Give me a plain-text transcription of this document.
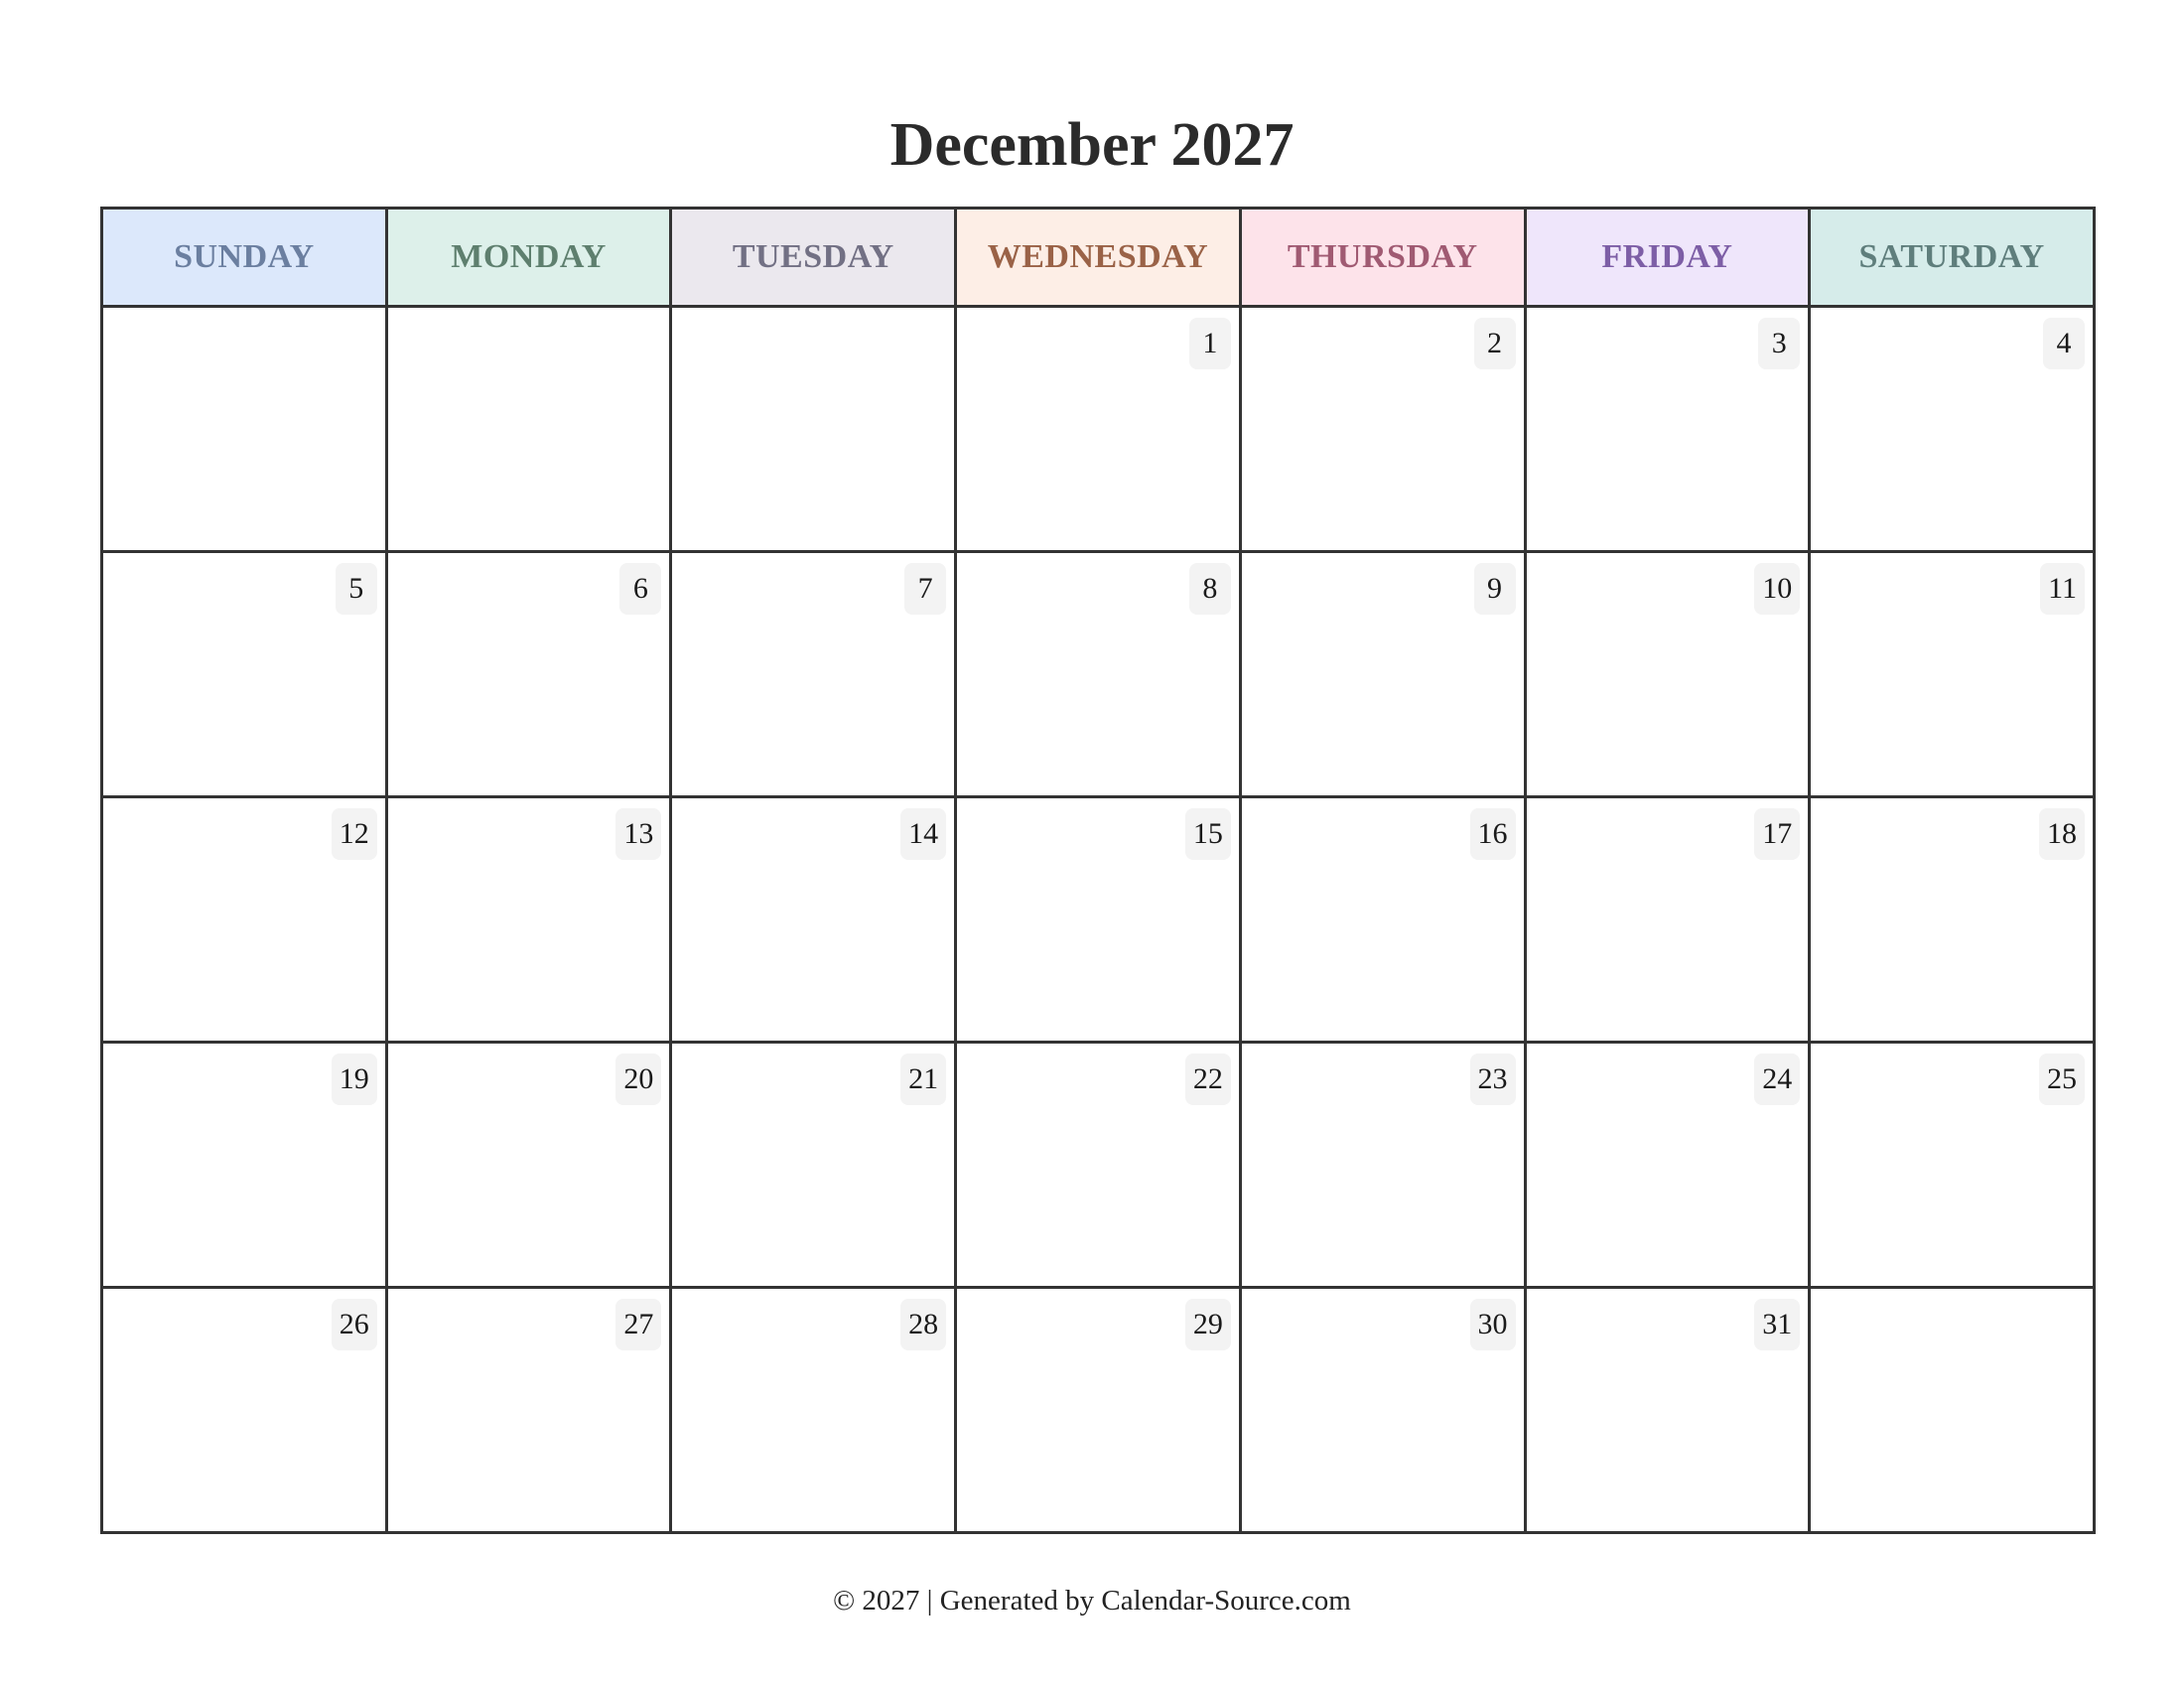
December 2027
SUNDAY	MONDAY	TUESDAY	WEDNESDAY	THURSDAY	FRIDAY	SATURDAY

			1	2	3	4

5	6	7	8	9	10	11

12	13	14	15	16	17	18

19	20	21	22	23	24	25

26	27	28	29	30	31	

© 2027 | Generated by Calendar-Source.com
